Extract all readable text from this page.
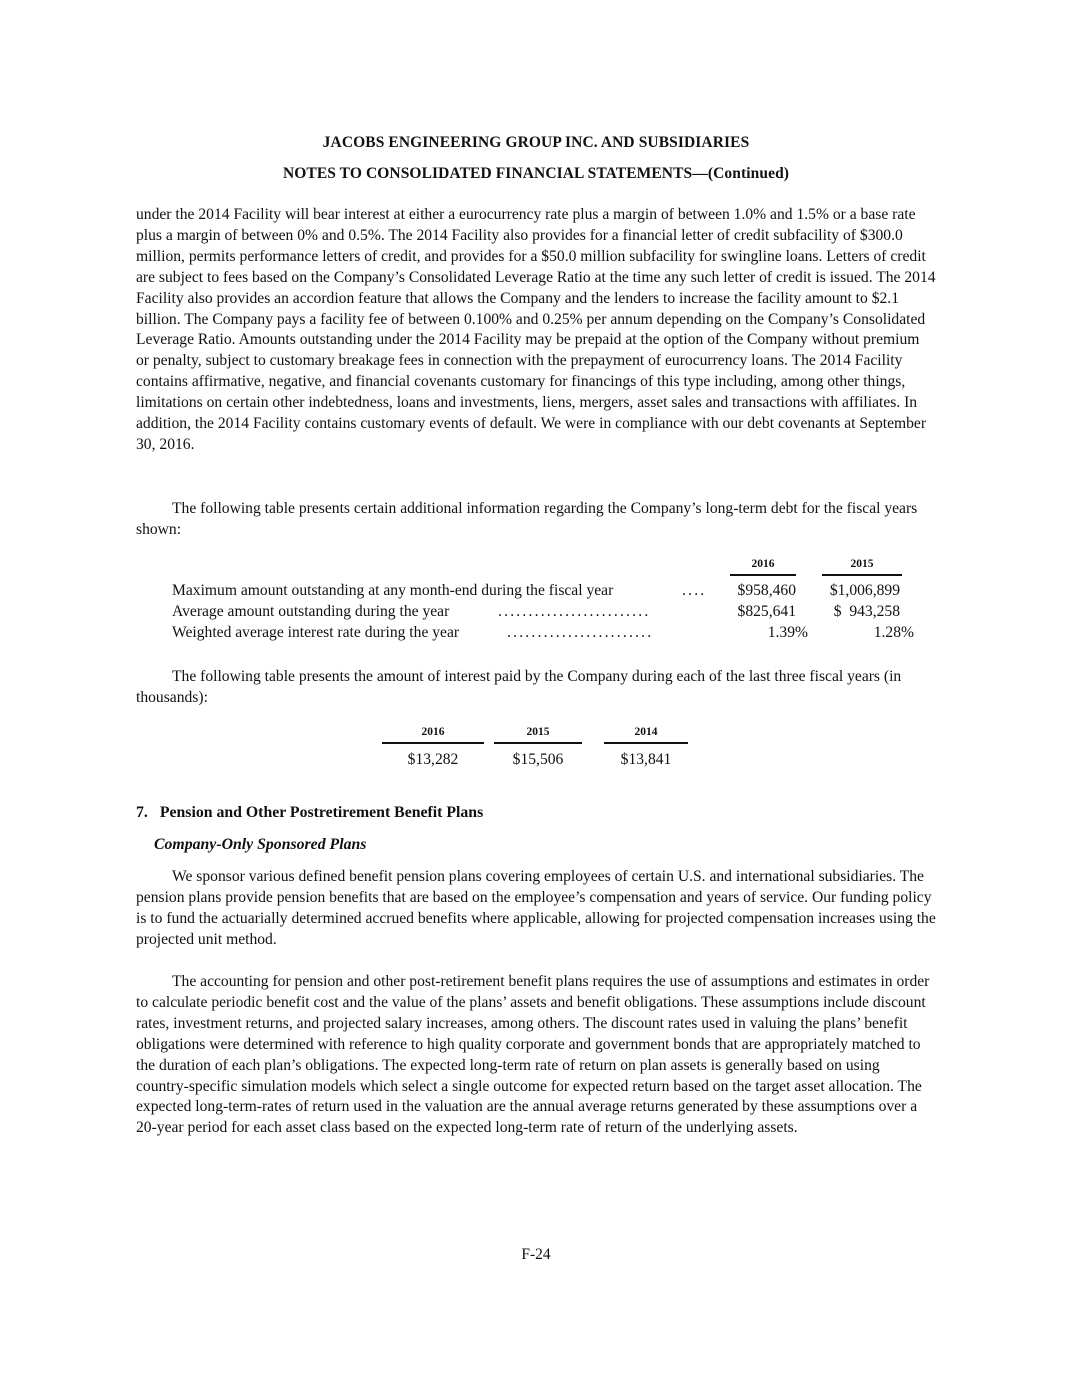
JACOBS ENGINEERING GROUP INC. AND SUBSIDIARIES
NOTES TO CONSOLIDATED FINANCIAL STATEMENTS—(Continued)

under the 2014 Facility will bear interest at either a eurocurrency rate plus a margin of between 1.0% and 1.5% or a base rate plus a margin of between 0% and 0.5%. The 2014 Facility also provides for a financial letter of credit subfacility of $300.0 million, permits performance letters of credit, and provides for a $50.0 million subfacility for swingline loans. Letters of credit are subject to fees based on the Company’s Consolidated Leverage Ratio at the time any such letter of credit is issued. The 2014 Facility also provides an accordion feature that allows the Company and the lenders to increase the facility amount to $2.1 billion. The Company pays a facility fee of between 0.100% and 0.25% per annum depending on the Company’s Consolidated Leverage Ratio. Amounts outstanding under the 2014 Facility may be prepaid at the option of the Company without premium or penalty, subject to customary breakage fees in connection with the prepayment of eurocurrency loans. The 2014 Facility contains affirmative, negative, and financial covenants customary for financings of this type including, among other things, limitations on certain other indebtedness, loans and investments, liens, mergers, asset sales and transactions with affiliates. In addition, the 2014 Facility contains customary events of default. We were in compliance with our debt covenants at September 30, 2016.

The following table presents certain additional information regarding the Company’s long-term debt for the fiscal years shown:

2016	2015
Maximum amount outstanding at any month-end during the fiscal year	....	$958,460	$1,006,899
Average amount outstanding during the year	.........................	$825,641	$  943,258
Weighted average interest rate during the year	........................	1.39%	1.28%

The following table presents the amount of interest paid by the Company during each of the last three fiscal years (in thousands):

2016	2015	2014
$13,282	$15,506	$13,841
7. Pension and Other Postretirement Benefit Plans
Company-Only Sponsored Plans

We sponsor various defined benefit pension plans covering employees of certain U.S. and international subsidiaries. The pension plans provide pension benefits that are based on the employee’s compensation and years of service. Our funding policy is to fund the actuarially determined accrued benefits where applicable, allowing for projected compensation increases using the projected unit method.

The accounting for pension and other post-retirement benefit plans requires the use of assumptions and estimates in order to calculate periodic benefit cost and the value of the plans’ assets and benefit obligations. These assumptions include discount rates, investment returns, and projected salary increases, among others. The discount rates used in valuing the plans’ benefit obligations were determined with reference to high quality corporate and government bonds that are appropriately matched to the duration of each plan’s obligations. The expected long-term rate of return on plan assets is generally based on using country-specific simulation models which select a single outcome for expected return based on the target asset allocation. The expected long-term-rates of return used in the valuation are the annual average returns generated by these assumptions over a 20-year period for each asset class based on the expected long-term rate of return of the underlying assets.

F-24
